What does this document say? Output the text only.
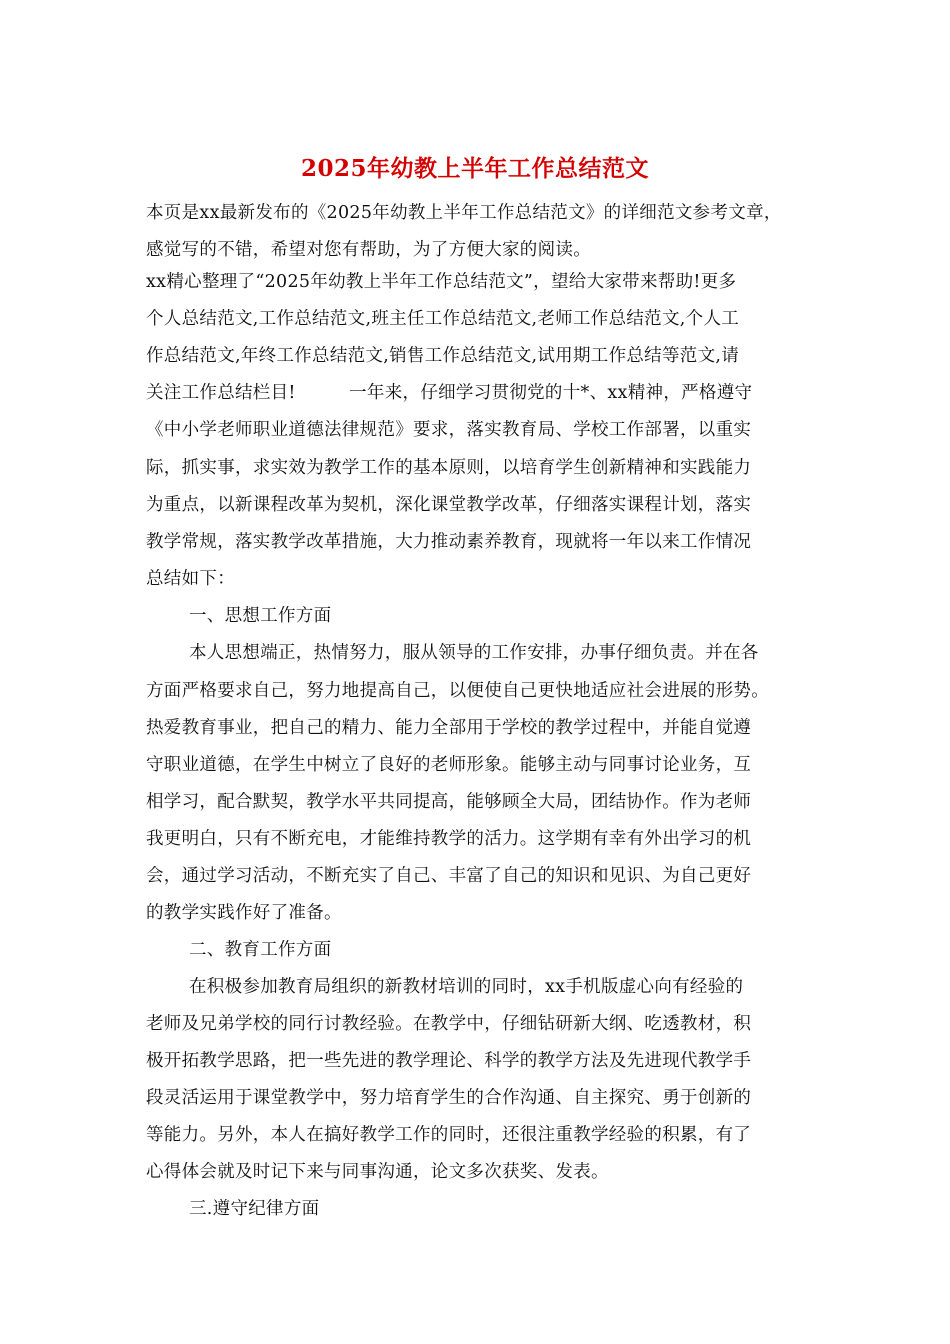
2025年幼教上半年工作总结范文
本页是xx最新发布的《2025年幼教上半年工作总结范文》的详细范文参考文章，
感觉写的不错，希望对您有帮助，为了方便大家的阅读。
xx精心整理了“2025年幼教上半年工作总结范文”，望给大家带来帮助!更多
个人总结范文,工作总结范文,班主任工作总结范文,老师工作总结范文,个人工
作总结范文,年终工作总结范文,销售工作总结范文,试用期工作总结等范文,请
关注工作总结栏目!　　　一年来，仔细学习贯彻党的十*、xx精神，严格遵守
《中小学老师职业道德法律规范》要求，落实教育局、学校工作部署，以重实
际，抓实事，求实效为教学工作的基本原则，以培育学生创新精神和实践能力
为重点，以新课程改革为契机，深化课堂教学改革，仔细落实课程计划，落实
教学常规，落实教学改革措施，大力推动素养教育，现就将一年以来工作情况
总结如下：
一、思想工作方面
本人思想端正，热情努力，服从领导的工作安排，办事仔细负责。并在各
方面严格要求自己，努力地提高自己，以便使自己更快地适应社会进展的形势。
热爱教育事业，把自己的精力、能力全部用于学校的教学过程中，并能自觉遵
守职业道德，在学生中树立了良好的老师形象。能够主动与同事讨论业务，互
相学习，配合默契，教学水平共同提高，能够顾全大局，团结协作。作为老师
我更明白，只有不断充电，才能维持教学的活力。这学期有幸有外出学习的机
会，通过学习活动，不断充实了自己、丰富了自己的知识和见识、为自己更好
的教学实践作好了准备。
二、教育工作方面
在积极参加教育局组织的新教材培训的同时，xx手机版虚心向有经验的
老师及兄弟学校的同行讨教经验。在教学中，仔细钻研新大纲、吃透教材，积
极开拓教学思路，把一些先进的教学理论、科学的教学方法及先进现代教学手
段灵活运用于课堂教学中，努力培育学生的合作沟通、自主探究、勇于创新的
等能力。另外，本人在搞好教学工作的同时，还很注重教学经验的积累，有了
心得体会就及时记下来与同事沟通，论文多次获奖、发表。
三.遵守纪律方面
